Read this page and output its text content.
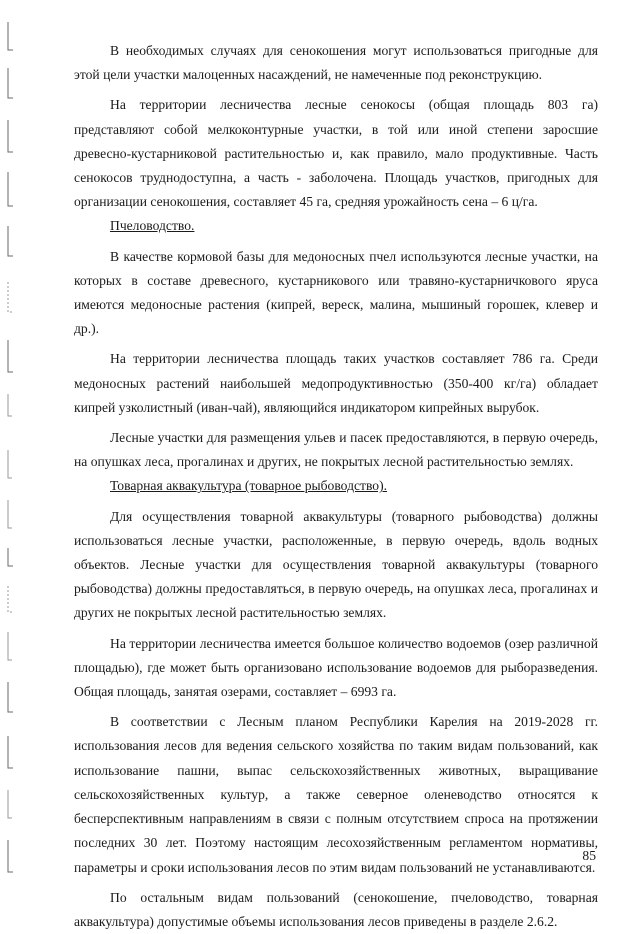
В необходимых случаях для сенокошения могут использоваться пригодные для этой цели участки малоценных насаждений, не намеченные под реконструкцию.

На территории лесничества лесные сенокосы (общая площадь 803 га) представляют собой мелкоконтурные участки, в той или иной степени заросшие древесно-кустарниковой растительностью и, как правило, мало продуктивные. Часть сенокосов труднодоступна, а часть - заболочена. Площадь участков, пригодных для организации сенокошения, составляет 45 га, средняя урожайность сена – 6 ц/га.

Пчеловодство.

В качестве кормовой базы для медоносных пчел используются лесные участки, на которых в составе древесного, кустарникового или травяно-кустарничкового яруса имеются медоносные растения (кипрей, вереск, малина, мышиный горошек, клевер и др.).

На территории лесничества площадь таких участков составляет 786 га. Среди медоносных растений наибольшей медопродуктивностью (350-400 кг/га) обладает кипрей узколистный (иван-чай), являющийся индикатором кипрейных вырубок.

Лесные участки для размещения ульев и пасек предоставляются, в первую очередь, на опушках леса, прогалинах и других, не покрытых лесной растительностью землях.

Товарная аквакультура (товарное рыбоводство).

Для осуществления товарной аквакультуры (товарного рыбоводства) должны использоваться лесные участки, расположенные, в первую очередь, вдоль водных объектов. Лесные участки для осуществления товарной аквакультуры (товарного рыбоводства) должны предоставляться, в первую очередь, на опушках леса, прогалинах и других не покрытых лесной растительностью землях.

На территории лесничества имеется большое количество водоемов (озер различной площадью), где может быть организовано использование водоемов для рыборазведения. Общая площадь, занятая озерами, составляет – 6993 га.

В соответствии с Лесным планом Республики Карелия на 2019-2028 гг. использования лесов для ведения сельского хозяйства по таким видам пользований, как использование пашни, выпас сельскохозяйственных животных, выращивание сельскохозяйственных культур, а также северное оленеводство относятся к бесперспективным направлениям в связи с полным отсутствием спроса на протяжении последних 30 лет. Поэтому настоящим лесохозяйственным регламентом нормативы, параметры и сроки использования лесов по этим видам пользований не устанавливаются.

По остальным видам пользований (сенокошение, пчеловодство, товарная аквакультура) допустимые объемы использования лесов приведены в разделе 2.6.2.

85
